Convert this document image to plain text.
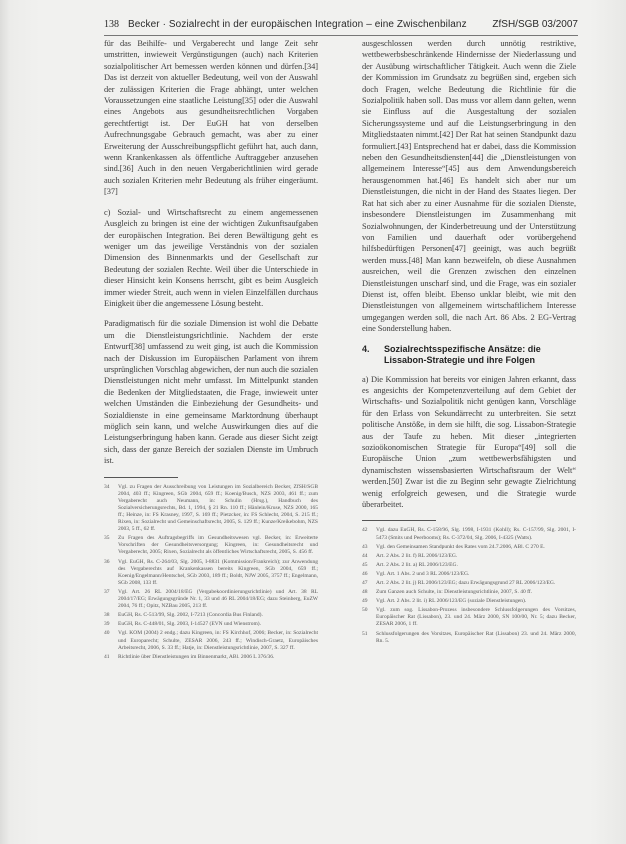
138 Becker · Sozialrecht in der europäischen Integration – eine Zwischenbilanz	ZfSH/SGB 03/2007

für das Beihilfe- und Vergaberecht und lange Zeit sehr umstritten, inwieweit Vergünstigungen (auch) nach Kriterien sozialpolitischer Art bemessen werden können und dürfen.[34] Das ist derzeit von aktueller Bedeutung, weil von der Auswahl der zulässigen Kriterien die Frage abhängt, unter welchen Voraussetzungen eine staatliche Leistung[35] oder die Auswahl eines Angebots aus gesundheitsrechtlichen Vorgaben gerechtfertigt ist. Der EuGH hat von derselben Aufrechnungsgabe Gebrauch gemacht, was aber zu einer Erweiterung der Ausschreibungspflicht geführt hat, auch dann, wenn Krankenkassen als öffentliche Auftraggeber anzusehen sind.[36] Auch in den neuen Vergaberichtlinien wird gerade auch sozialen Kriterien mehr Bedeutung als früher eingeräumt.[37]

c) Sozial- und Wirtschaftsrecht zu einem angemessenen Ausgleich zu bringen ist eine der wichtigen Zukunftsaufgaben der europäischen Integration. Bei deren Bewältigung geht es weniger um das jeweilige Verständnis von der sozialen Dimension des Binnenmarkts und der Gesellschaft zur Bedeutung der sozialen Rechte. Weil über die Unterschiede in dieser Hinsicht kein Konsens herrscht, gibt es beim Ausgleich immer wieder Streit, auch wenn in vielen Einzelfällen durchaus Einigkeit über die angemessene Lösung besteht.

Paradigmatisch für die soziale Dimension ist wohl die Debatte um die Dienstleistungsrichtlinie. Nachdem der erste Entwurf[38] umfassend zu weit ging, ist auch die Kommission nach der Diskussion im Europäischen Parlament von ihrem ursprünglichen Vorschlag abgewichen, der nun auch die sozialen Dienstleistungen nicht mehr umfasst. Im Mittelpunkt standen die Bedenken der Mitgliedstaaten, die Frage, inwieweit unter welchen Umständen die Einbeziehung der Gesundheits- und Sozialdienste in eine gemeinsame Marktordnung überhaupt möglich sein kann, und welche Auswirkungen dies auf die Leistungserbringung haben kann. Gerade aus dieser Sicht zeigt sich, dass der ganze Bereich der sozialen Dienste im Umbruch ist.

34	Vgl. zu Fragen der Ausschreibung von Leistungen im Sozialbereich Becker, ZfSH/SGB 2004, 403 ff.; Kingreen, SGb 2004, 659 ff.; Koenig/Busch, NZS 2003, 461 ff.; zum Vergaberecht auch Neumann, in: Schulin (Hrsg.), Handbuch des Sozialversicherungsrechts, Bd. 1, 1994, § 21 Rn. 110 ff.; Hänlein/Kruse, NZS 2000, 165 ff.; Heinze, in: FS Krasney, 1997, S. 169 ff.; Pietzcker, in: FS Schlecht, 2004, S. 215 ff.; Rixen, in: Sozialrecht und Gemeinschaftsrecht, 2005, S. 129 ff.; Kunze/Kreikebohm, NZS 2003, 5 ff., 62 ff.
35	Zu Fragen des Auftragsbegriffs im Gesundheitswesen vgl. Becker, in: Erweiterte Vorschriften der Gesundheitsversorgung; Kingreen, in: Gesundheitsrecht und Vergaberecht, 2005; Rixen, Sozialrecht als öffentliches Wirtschaftsrecht, 2005, S. 456 ff.
36	Vgl. EuGH, Rs. C-264/03, Slg. 2005, I-8831 (Kommission/Frankreich); zur Anwendung des Vergaberechts auf Krankenkassen bereits Kingreen, SGb 2004, 659 ff.; Koenig/Engelmann/Hentschel, SGb 2003, 189 ff.; Boldt, NJW 2005, 3757 ff.; Engelmann, SGb 2008, 133 ff.
37	Vgl. Art. 26 RL 2004/18/EG (Vergabekoordinierungsrichtlinie) und Art. 38 RL 2004/17/EG; Erwägungsgründe Nr. 1, 33 und 46 RL 2004/18/EG; dazu Steinberg, EuZW 2004, 76 ff.; Opitz, NZBau 2005, 213 ff.
38	EuGH, Rs. C-513/99, Slg. 2002, I-7213 (Concordia Bus Finland).
39	EuGH, Rs. C-448/01, Slg. 2003, I-14527 (EVN und Wienstrom).
40	Vgl. KOM (2004) 2 endg.; dazu Kingreen, in: FS Kirchhof, 2006; Becker, in: Sozialrecht und Europarecht; Schulte, ZESAR 2006, 243 ff.; Windisch-Graetz, Europäisches Arbeitsrecht, 2006, S. 33 ff.; Hatje, in: Dienstleistungsrichtlinie, 2007, S. 327 ff.
41	Richtlinie über Dienstleistungen im Binnenmarkt, ABl. 2006 L 376/36.

ausgeschlossen werden durch unnötig restriktive, wettbewerbsbeschränkende Hindernisse der Niederlassung und der Ausübung wirtschaftlicher Tätigkeit. Auch wenn die Ziele der Kommission im Grundsatz zu begrüßen sind, ergeben sich doch Fragen, welche Bedeutung die Richtlinie für die Sozialpolitik haben soll. Das muss vor allem dann gelten, wenn sie Einfluss auf die Ausgestaltung der sozialen Sicherungssysteme und auf die Leistungserbringung in den Mitgliedstaaten nimmt.[42] Der Rat hat seinen Standpunkt dazu formuliert.[43] Entsprechend hat er dabei, dass die Kommission neben den Gesundheitsdiensten[44] die „Dienstleistungen von allgemeinem Interesse“[45] aus dem Anwendungsbereich herausgenommen hat.[46] Es handelt sich aber nur um Dienstleistungen, die nicht in der Hand des Staates liegen. Der Rat hat sich aber zu einer Ausnahme für die sozialen Dienste, insbesondere Dienstleistungen im Zusammenhang mit Sozialwohnungen, der Kinderbetreuung und der Unterstützung von Familien und dauerhaft oder vorübergehend hilfsbedürftigen Personen[47] geeinigt, was auch begrüßt werden muss.[48] Man kann bezweifeln, ob diese Ausnahmen ausreichen, weil die Grenzen zwischen den einzelnen Dienstleistungen unscharf sind, und die Frage, was ein sozialer Dienst ist, offen bleibt. Ebenso unklar bleibt, wie mit den Dienstleistungen von allgemeinem wirtschaftlichem Interesse umgegangen werden soll, die nach Art. 86 Abs. 2 EG-Vertrag eine Sonderstellung haben.

4.	Sozialrechtsspezifische Ansätze: die Lissabon-Strategie und ihre Folgen

a) Die Kommission hat bereits vor einigen Jahren erkannt, dass es angesichts der Kompetenzverteilung auf dem Gebiet der Wirtschafts- und Sozialpolitik nicht genügen kann, Vorschläge für den Erlass von Sekundärrecht zu unterbreiten. Sie setzt politische Anstöße, in dem sie hilft, die sog. Lissabon-Strategie aus der Taufe zu heben. Mit dieser „integrierten sozioökonomischen Strategie für Europa“[49] soll die Europäische Union „zum wettbewerbsfähigsten und dynamischsten wissensbasierten Wirtschaftsraum der Welt“ werden.[50] Zwar ist die zu Beginn sehr gewagte Zielrichtung wenig erfolgreich gewesen, und die Strategie wurde überarbeitet.

42	Vgl. dazu EuGH, Rs. C-158/96, Slg. 1998, I-1931 (Kohll); Rs. C-157/99, Slg. 2001, I-5473 (Smits und Peerbooms); Rs. C-372/04, Slg. 2006, I-4325 (Watts).
43	Vgl. den Gemeinsamen Standpunkt des Rates vom 24.7.2006, ABl. C 270 E.
44	Art. 2 Abs. 2 lit. f) RL 2006/123/EG.
45	Art. 2 Abs. 2 lit. a) RL 2006/123/EG.
46	Vgl. Art. 1 Abs. 2 und 3 RL 2006/123/EG.
47	Art. 2 Abs. 2 lit. j) RL 2006/123/EG; dazu Erwägungsgrund 27 RL 2006/123/EG.
48	Zum Ganzen auch Schulte, in: Dienstleistungsrichtlinie, 2007, S. 40 ff.
49	Vgl. Art. 2 Abs. 2 lit. i) RL 2006/123/EG (soziale Dienstleistungen).
50	Vgl. zum sog. Lissabon-Prozess insbesondere Schlussfolgerungen des Vorsitzes, Europäischer Rat (Lissabon), 23. und 24. März 2000, SN 100/00, Nr. 5; dazu Becker, ZESAR 2006, 1 ff.
51	Schlussfolgerungen des Vorsitzes, Europäischer Rat (Lissabon) 23. und 24. März 2000, Rn. 5.
